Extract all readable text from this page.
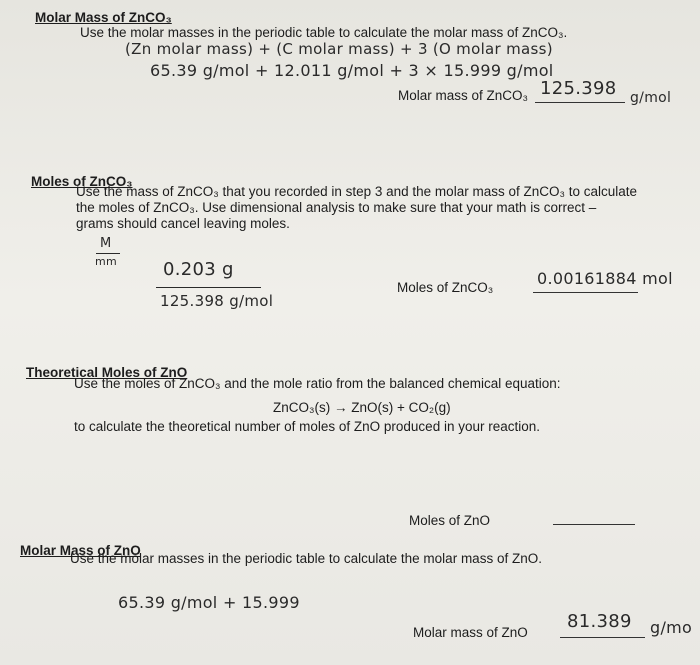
Molar Mass of ZnCO₃
Use the molar masses in the periodic table to calculate the molar mass of ZnCO₃.
(Zn molar mass) + (C molar mass) + 3 (O molar mass)
65.39 g/mol + 12.011 g/mol + 3 × 15.999 g/mol
Molar mass of ZnCO₃ 125.398 g/mol
Moles of ZnCO₃
Use the mass of ZnCO₃ that you recorded in step 3 and the molar mass of ZnCO₃ to calculate
the moles of ZnCO₃. Use dimensional analysis to make sure that your math is correct –
grams should cancel leaving moles.
M
mm	0.203 g
125.398 g/mol
Moles of ZnCO₃	0.00161884 mol
Theoretical Moles of ZnO
Use the moles of ZnCO₃ and the mole ratio from the balanced chemical equation:
ZnCO₃(s) → ZnO(s) + CO₂(g)
to calculate the theoretical number of moles of ZnO produced in your reaction.
Moles of ZnO
Molar Mass of ZnO
Use the molar masses in the periodic table to calculate the molar mass of ZnO.
65.39 g/mol + 15.999
Molar mass of ZnO
81.389 g/mo
